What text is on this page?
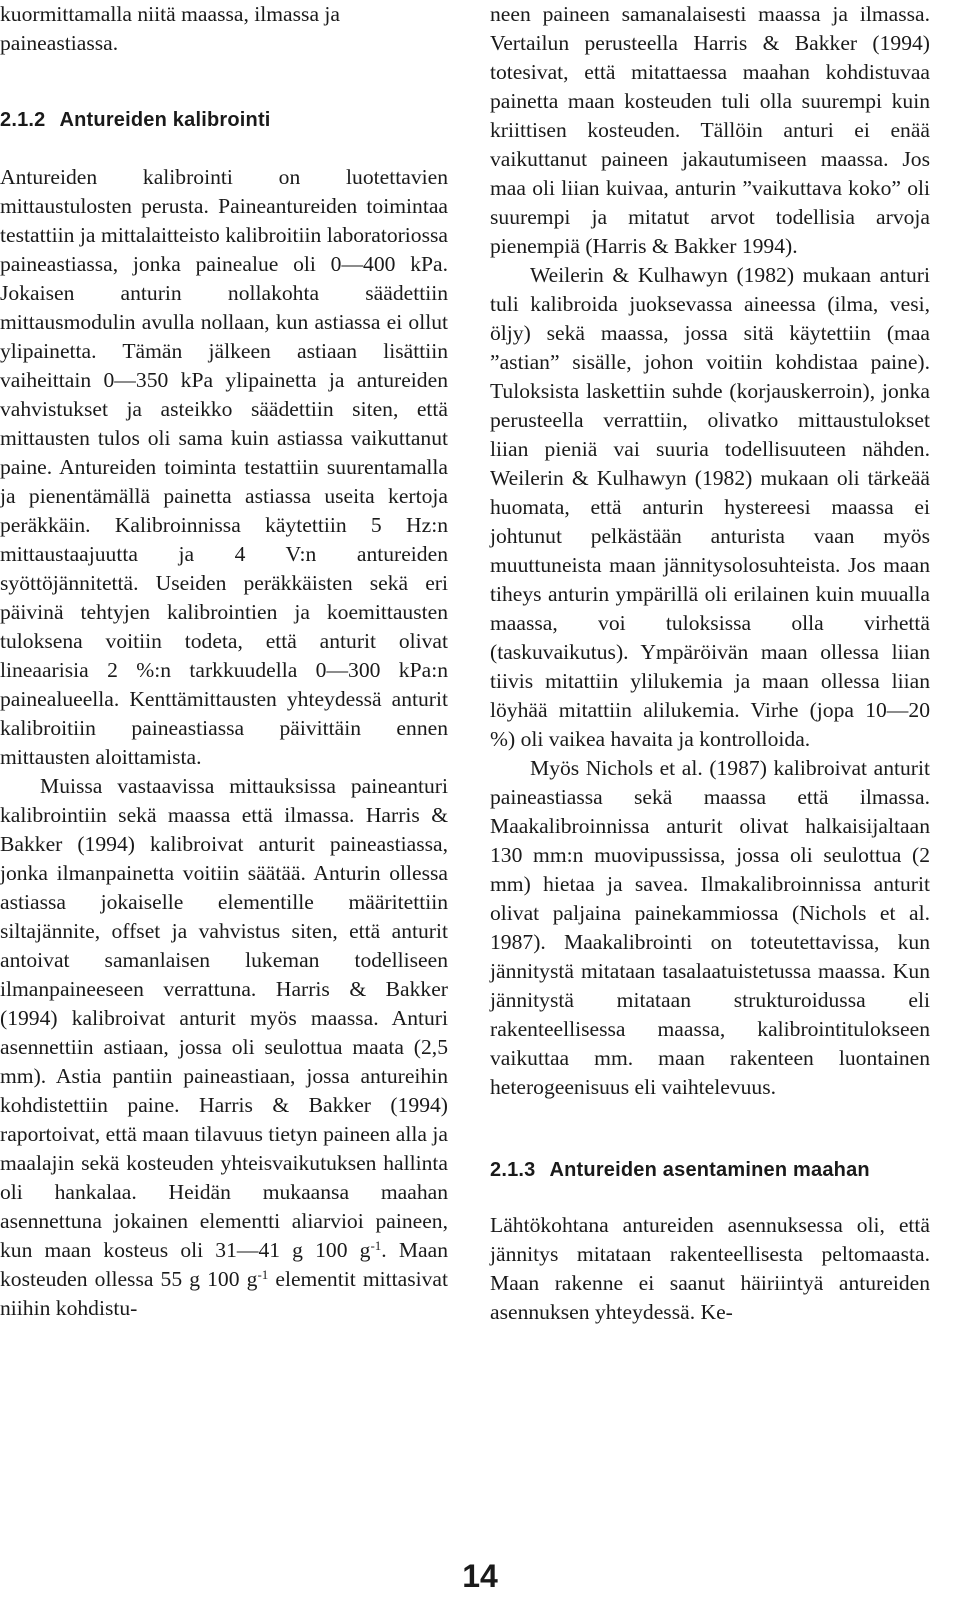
kuormittamalla niitä maassa, ilmassa ja paineastiassa.

2.1.2 Antureiden kalibrointi

Antureiden kalibrointi on luotettavien mittaustulosten perusta. Paineantureiden toimintaa testattiin ja mittalaitteisto kalibroitiin laboratoriossa paineastiassa, jonka painealue oli 0—400 kPa. Jokaisen anturin nollakohta säädettiin mittausmodulin avulla nollaan, kun astiassa ei ollut ylipainetta. Tämän jälkeen astiaan lisättiin vaiheittain 0—350 kPa ylipainetta ja antureiden vahvistukset ja asteikko säädettiin siten, että mittausten tulos oli sama kuin astiassa vaikuttanut paine. Antureiden toiminta testattiin suurentamalla ja pienentämällä painetta astiassa useita kertoja peräkkäin. Kalibroinnissa käytettiin 5 Hz:n mittaustaajuutta ja 4 V:n antureiden syöttöjännitettä. Useiden peräkkäisten sekä eri päivinä tehtyjen kalibrointien ja koemittausten tuloksena voitiin todeta, että anturit olivat lineaarisia 2 %:n tarkkuudella 0—300 kPa:n painealueella. Kenttämittausten yhteydessä anturit kalibroitiin paineastiassa päivittäin ennen mittausten aloittamista.

Muissa vastaavissa mittauksissa paineanturi kalibrointiin sekä maassa että ilmassa. Harris & Bakker (1994) kalibroivat anturit paineastiassa, jonka ilmanpainetta voitiin säätää. Anturin ollessa astiassa jokaiselle elementille määritettiin siltajännite, offset ja vahvistus siten, että anturit antoivat samanlaisen lukeman todelliseen ilmanpaineeseen verrattuna. Harris & Bakker (1994) kalibroivat anturit myös maassa. Anturi asennettiin astiaan, jossa oli seulottua maata (2,5 mm). Astia pantiin paineastiaan, jossa antureihin kohdistettiin paine. Harris & Bakker (1994) raportoivat, että maan tilavuus tietyn paineen alla ja maalajin sekä kosteuden yhteisvaikutuksen hallinta oli hankalaa. Heidän mukaansa maahan asennettuna jokainen elementti aliarvioi paineen, kun maan kosteus oli 31—41 g 100 $g^{-1}$. Maan kosteuden ollessa 55 g 100 $g^{-1}$ elementit mittasivat niihin kohdistu-

neen paineen samanalaisesti maassa ja ilmassa. Vertailun perusteella Harris & Bakker (1994) totesivat, että mitattaessa maahan kohdistuvaa painetta maan kosteuden tuli olla suurempi kuin kriittisen kosteuden. Tällöin anturi ei enää vaikuttanut paineen jakautumiseen maassa. Jos maa oli liian kuivaa, anturin ”vaikuttava koko” oli suurempi ja mitatut arvot todellisia arvoja pienempiä (Harris & Bakker 1994).

Weilerin & Kulhawyn (1982) mukaan anturi tuli kalibroida juoksevassa aineessa (ilma, vesi, öljy) sekä maassa, jossa sitä käytettiin (maa ”astian” sisälle, johon voitiin kohdistaa paine). Tuloksista laskettiin suhde (korjauskerroin), jonka perusteella verrattiin, olivatko mittaustulokset liian pieniä vai suuria todellisuuteen nähden. Weilerin & Kulhawyn (1982) mukaan oli tärkeää huomata, että anturin hystereesi maassa ei johtunut pelkästään anturista vaan myös muuttuneista maan jännitysolosuhteista. Jos maan tiheys anturin ympärillä oli erilainen kuin muualla maassa, voi tuloksissa olla virhettä (taskuvaikutus). Ympäröivän maan ollessa liian tiivis mitattiin ylilukemia ja maan ollessa liian löyhää mitattiin alilukemia. Virhe (jopa 10—20 %) oli vaikea havaita ja kontrolloida.

Myös Nichols et al. (1987) kalibroivat anturit paineastiassa sekä maassa että ilmassa. Maakalibroinnissa anturit olivat halkaisijaltaan 130 mm:n muovipussissa, jossa oli seulottua (2 mm) hietaa ja savea. Ilmakalibroinnissa anturit olivat paljaina painekammiossa (Nichols et al. 1987). Maakalibrointi on toteutettavissa, kun jännitystä mitataan tasalaatuistetussa maassa. Kun jännitystä mitataan strukturoidussa eli rakenteellisessa maassa, kalibrointitulokseen vaikuttaa mm. maan rakenteen luontainen heterogeenisuus eli vaihtelevuus.

2.1.3 Antureiden asentaminen maahan

Lähtökohtana antureiden asennuksessa oli, että jännitys mitataan rakenteellisesta peltomaasta. Maan rakenne ei saanut häiriintyä antureiden asennuksen yhteydessä. Ke-

14
